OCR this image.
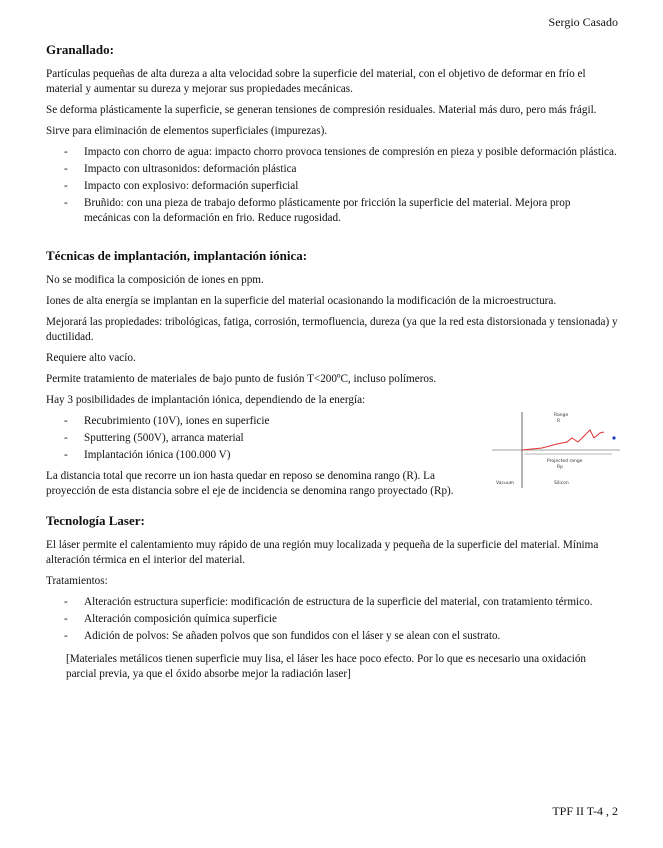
Sergio Casado
Granallado:

Partículas pequeñas de alta dureza a alta velocidad sobre la superficie del material, con el objetivo de deformar en frío el material y aumentar su dureza y mejorar sus propiedades mecánicas.

Se deforma plásticamente la superficie, se generan tensiones de compresión residuales. Material más duro, pero más frágil.

Sirve para eliminación de elementos superficiales (impurezas).

- Impacto con chorro de agua: impacto chorro provoca tensiones de compresión en pieza y posible deformación plástica.
- Impacto con ultrasonidos: deformación plástica
- Impacto con explosivo: deformación superficial
- Bruñido: con una pieza de trabajo deformo plásticamente por fricción la superficie del material. Mejora prop mecánicas con la deformación en frio. Reduce rugosidad.
Técnicas de implantación, implantación iónica:

No se modifica la composición de iones en ppm.

Iones de alta energía se implantan en la superficie del material ocasionando la modificación de la microestructura.

Mejorará las propiedades: tribológicas, fatiga, corrosión, termofluencia, dureza (ya que la red esta distorsionada y tensionada) y ductilidad.

Requiere alto vacío.

Permite tratamiento de materiales de bajo punto de fusión T<200ºC, incluso polímeros.

Hay 3 posibilidades de implantación iónica, dependiendo de la energía:

- Recubrimiento (10V), iones en superficie
- Sputtering (500V), arranca material
- Implantación iónica (100.000 V)

La distancia total que recorre un ion hasta quedar en reposo se denomina rango (R). La proyección de esta distancia sobre el eje de incidencia se denomina rango proyectado (Rp).

Range
R
Projected range
Rp
Vacuum	Silicon
Tecnología Laser:

El láser permite el calentamiento muy rápido de una región muy localizada y pequeña de la superficie del material. Mínima alteración térmica en el interior del material.

Tratamientos:

- Alteración estructura superficie: modificación de estructura de la superficie del material, con tratamiento térmico.
- Alteración composición química superficie
- Adición de polvos: Se añaden polvos que son fundidos con el láser y se alean con el sustrato.

[Materiales metálicos tienen superficie muy lisa, el láser les hace poco efecto. Por lo que es necesario una oxidación parcial previa, ya que el óxido absorbe mejor la radiación laser]

TPF II T-4 , 2
